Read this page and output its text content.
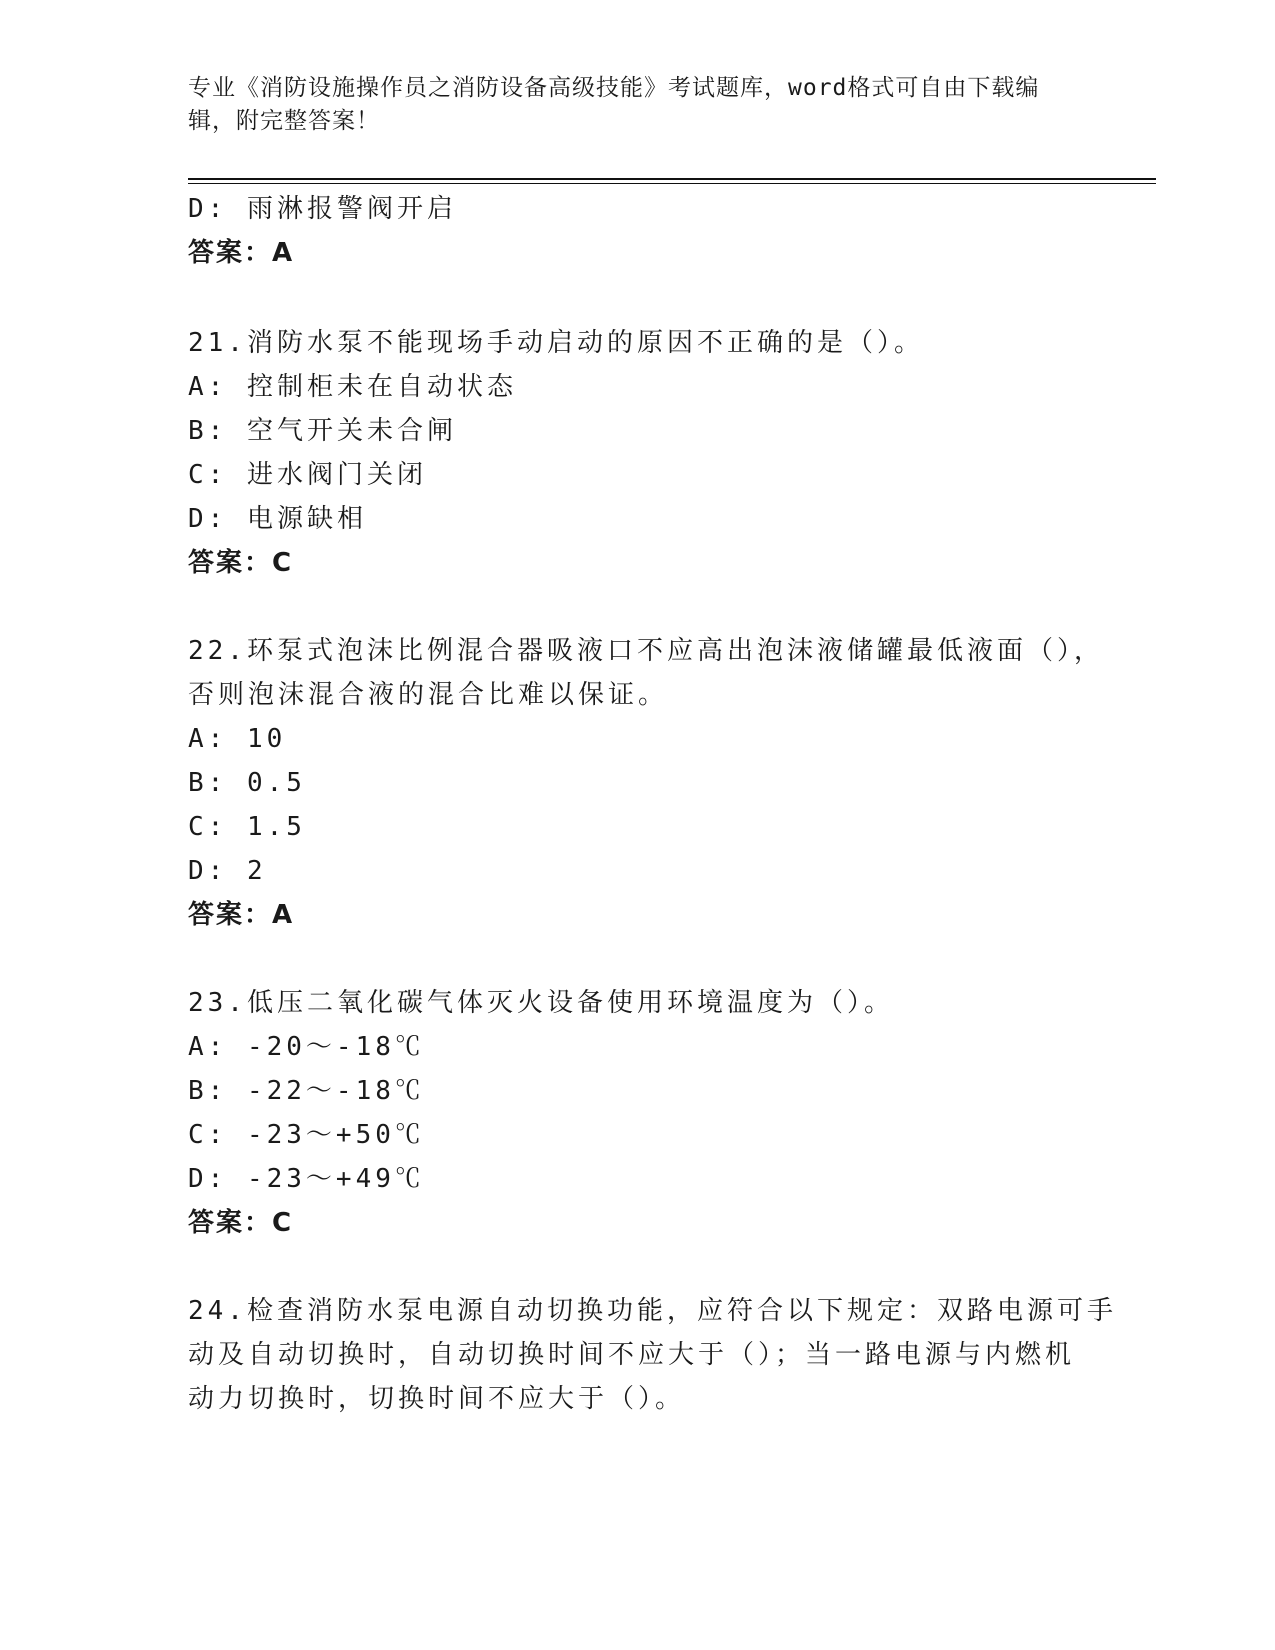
专业《消防设施操作员之消防设备高级技能》考试题库，word格式可自由下载编辑，附完整答案！
D: 雨淋报警阀开启
答案：A
21.消防水泵不能现场手动启动的原因不正确的是（）。
A: 控制柜未在自动状态
B: 空气开关未合闸
C: 进水阀门关闭
D: 电源缺相
答案：C
22.环泵式泡沫比例混合器吸液口不应高出泡沫液储罐最低液面（），
否则泡沫混合液的混合比难以保证。
A: 10
B: 0.5
C: 1.5
D: 2
答案：A
23.低压二氧化碳气体灭火设备使用环境温度为（）。
A: -20～-18℃
B: -22～-18℃
C: -23～+50℃
D: -23～+49℃
答案：C
24.检查消防水泵电源自动切换功能，应符合以下规定：双路电源可手
动及自动切换时，自动切换时间不应大于（）；当一路电源与内燃机
动力切换时，切换时间不应大于（）。
